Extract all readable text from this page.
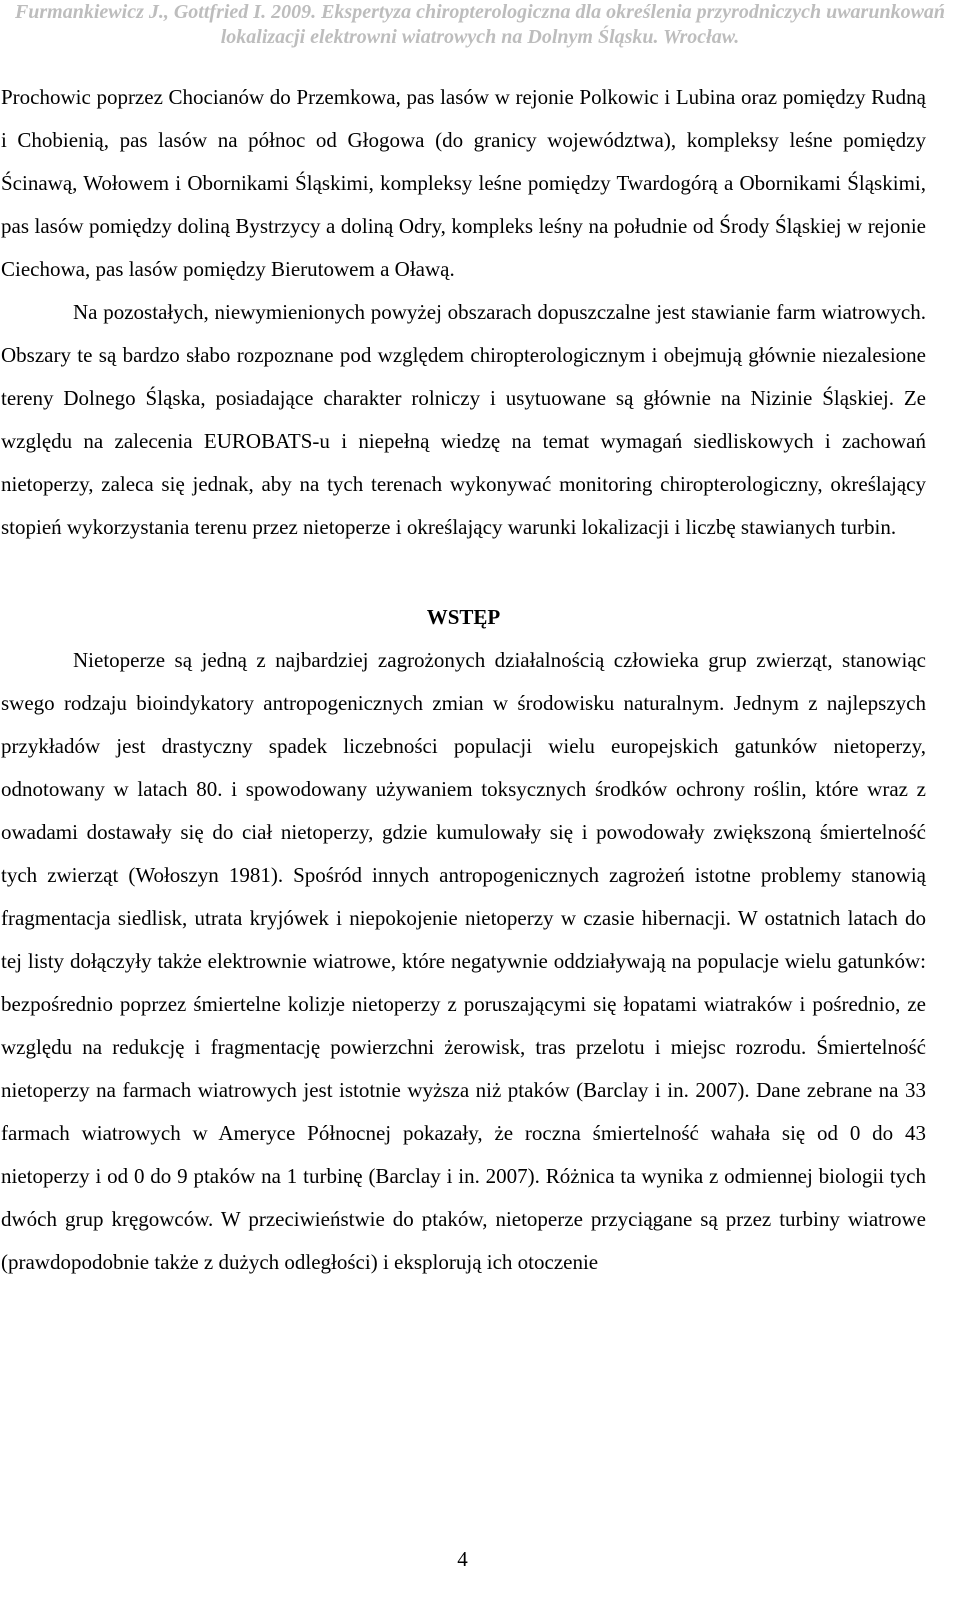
Furmankiewicz J., Gottfried I. 2009. Ekspertyza chiropterologiczna dla określenia przyrodniczych uwarunkowań
lokalizacji elektrowni wiatrowych na Dolnym Śląsku. Wrocław.

Prochowic poprzez Chocianów do Przemkowa, pas lasów w rejonie Polkowic i Lubina oraz pomiędzy Rudną i Chobienią, pas lasów na północ od Głogowa (do granicy województwa), kompleksy leśne pomiędzy Ścinawą, Wołowem i Obornikami Śląskimi, kompleksy leśne pomiędzy Twardogórą a Obornikami Śląskimi, pas lasów pomiędzy doliną Bystrzycy a doliną Odry, kompleks leśny na południe od Środy Śląskiej w rejonie Ciechowa, pas lasów pomiędzy Bierutowem a Oławą.

Na pozostałych, niewymienionych powyżej obszarach dopuszczalne jest stawianie farm wiatrowych. Obszary te są bardzo słabo rozpoznane pod względem chiropterologicznym i obejmują głównie niezalesione tereny Dolnego Śląska, posiadające charakter rolniczy i usytuowane są głównie na Nizinie Śląskiej. Ze względu na zalecenia EUROBATS-u i niepełną wiedzę na temat wymagań siedliskowych i zachowań nietoperzy, zaleca się jednak, aby na tych terenach wykonywać monitoring chiropterologiczny, określający stopień wykorzystania terenu przez nietoperze i określający warunki lokalizacji i liczbę stawianych turbin.

WSTĘP

Nietoperze są jedną z najbardziej zagrożonych działalnością człowieka grup zwierząt, stanowiąc swego rodzaju bioindykatory antropogenicznych zmian w środowisku naturalnym. Jednym z najlepszych przykładów jest drastyczny spadek liczebności populacji wielu europejskich gatunków nietoperzy, odnotowany w latach 80. i spowodowany używaniem toksycznych środków ochrony roślin, które wraz z owadami dostawały się do ciał nietoperzy, gdzie kumulowały się i powodowały zwiększoną śmiertelność tych zwierząt (Wołoszyn 1981). Spośród innych antropogenicznych zagrożeń istotne problemy stanowią fragmentacja siedlisk, utrata kryjówek i niepokojenie nietoperzy w czasie hibernacji. W ostatnich latach do tej listy dołączyły także elektrownie wiatrowe, które negatywnie oddziaływają na populacje wielu gatunków: bezpośrednio poprzez śmiertelne kolizje nietoperzy z poruszającymi się łopatami wiatraków i pośrednio, ze względu na redukcję i fragmentację powierzchni żerowisk, tras przelotu i miejsc rozrodu. Śmiertelność nietoperzy na farmach wiatrowych jest istotnie wyższa niż ptaków (Barclay i in. 2007). Dane zebrane na 33 farmach wiatrowych w Ameryce Północnej pokazały, że roczna śmiertelność wahała się od 0 do 43 nietoperzy i od 0 do 9 ptaków na 1 turbinę (Barclay i in. 2007). Różnica ta wynika z odmiennej biologii tych dwóch grup kręgowców. W przeciwieństwie do ptaków, nietoperze przyciągane są przez turbiny wiatrowe (prawdopodobnie także z dużych odległości) i eksplorują ich otoczenie

4
